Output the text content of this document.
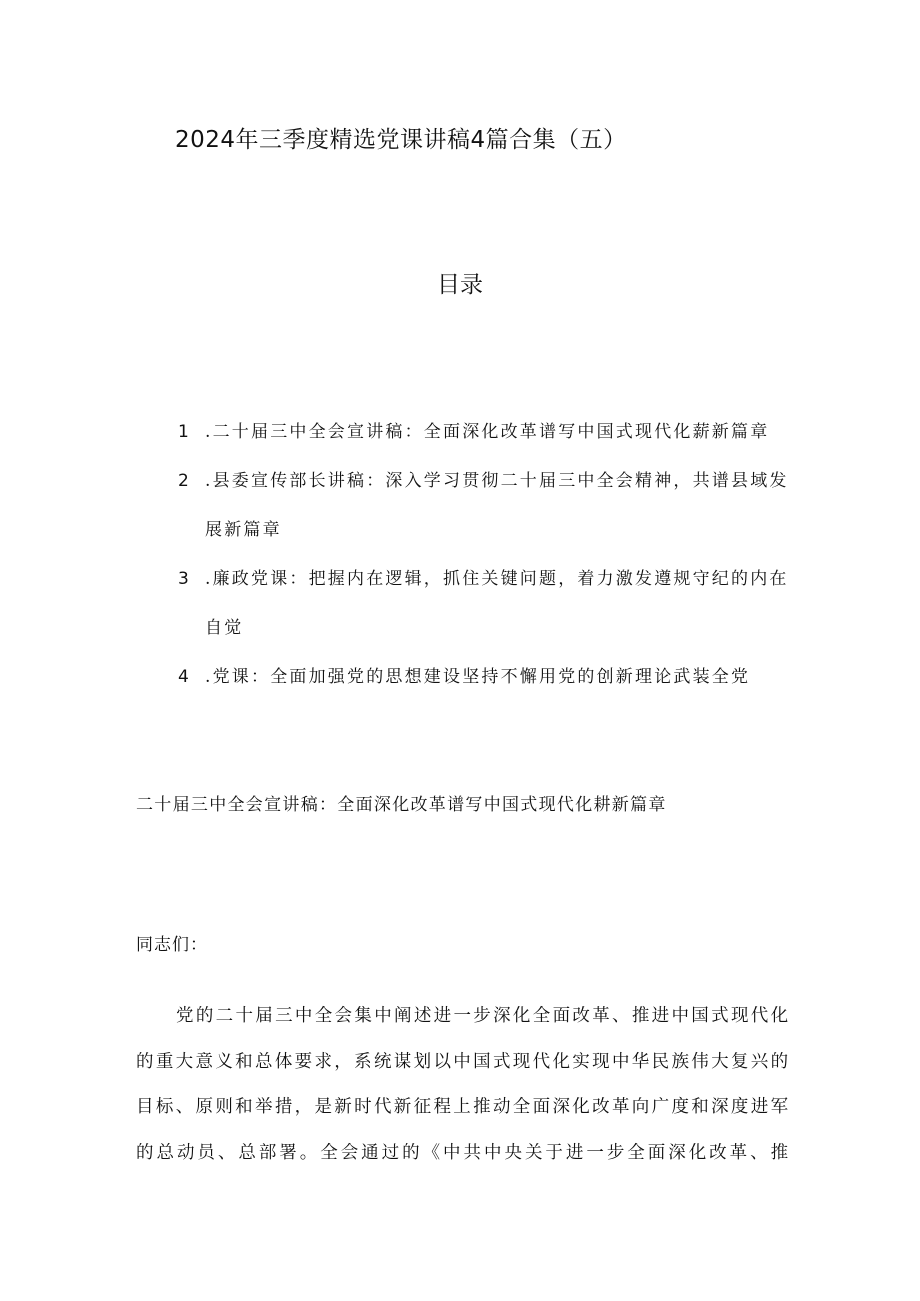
2024年三季度精选党课讲稿4篇合集（五）
目录
1 .二十届三中全会宣讲稿：全面深化改革谱写中国式现代化薪新篇章
2 .县委宣传部长讲稿：深入学习贯彻二十届三中全会精神，共谱县域发展新篇章
3 .廉政党课：把握内在逻辑，抓住关键问题，着力激发遵规守纪的内在自觉
4 .党课：全面加强党的思想建设坚持不懈用党的创新理论武装全党
二十届三中全会宣讲稿：全面深化改革谱写中国式现代化耕新篇章
同志们：

党的二十届三中全会集中阐述进一步深化全面改革、推进中国式现代化的重大意义和总体要求，系统谋划以中国式现代化实现中华民族伟大复兴的目标、原则和举措，是新时代新征程上推动全面深化改革向广度和深度进军的总动员、总部署。全会通过的《中共中央关于进一步全面深化改革、推
